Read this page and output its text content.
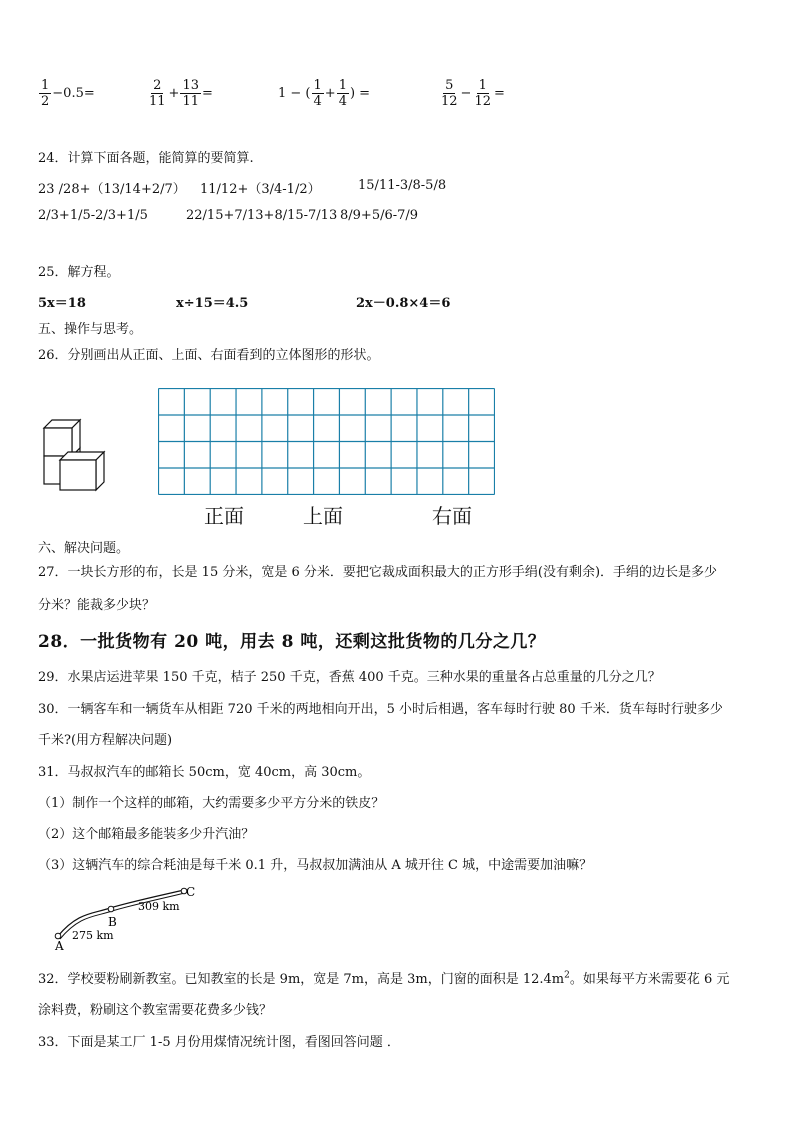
$\frac{1}{2} -0.5=$	$\frac{2}{11} + \frac{13}{11}$ =	1 − ( $\frac{1}{4} + \frac{1}{4}$ ) =	$\frac{5}{12} - \frac{1}{12}$ =
24．计算下面各题，能简算的要简算.
23 /28+（13/14+2/7） 11/12+（3/4-1/2）	15/11-3/8-5/8
2/3+1/5-2/3+1/5	22/15+7/13+8/15-7/13 8/9+5/6-7/9
25．解方程。
5x＝18	x÷15＝4.5	2x－0.8×4＝6
五、操作与思考。
26．分别画出从正面、上面、右面看到的立体图形的形状。
正面	上面	右面
六、解决问题。
27．一块长方形的布，长是 15 分米，宽是 6 分米．要把它裁成面积最大的正方形手绢(没有剩余)．手绢的边长是多少
分米？能裁多少块？
28．一批货物有 20 吨，用去 8 吨，还剩这批货物的几分之几？
29．水果店运进苹果 150 千克，桔子 250 千克，香蕉 400 千克。三种水果的重量各占总重量的几分之几？
30．一辆客车和一辆货车从相距 720 千米的两地相向开出，5 小时后相遇，客车每时行驶 80 千米．货车每时行驶多少
千米?(用方程解决问题)
31．马叔叔汽车的邮箱长 50cm，宽 40cm，高 30cm。
（1）制作一个这样的邮箱，大约需要多少平方分米的铁皮？
（2）这个邮箱最多能装多少升汽油？
（3）这辆汽车的综合耗油是每千米 0.1 升，马叔叔加满油从 A 城开往 C 城，中途需要加油嘛？
A
B
C
275 km
309 km
32．学校要粉刷新教室。已知教室的长是 9m，宽是 7m，高是 3m，门窗的面积是 $12.4m^2$。如果每平方米需要花 6 元
涂料费，粉刷这个教室需要花费多少钱？
33．下面是某工厂 1-5 月份用煤情况统计图，看图回答问题 ．
